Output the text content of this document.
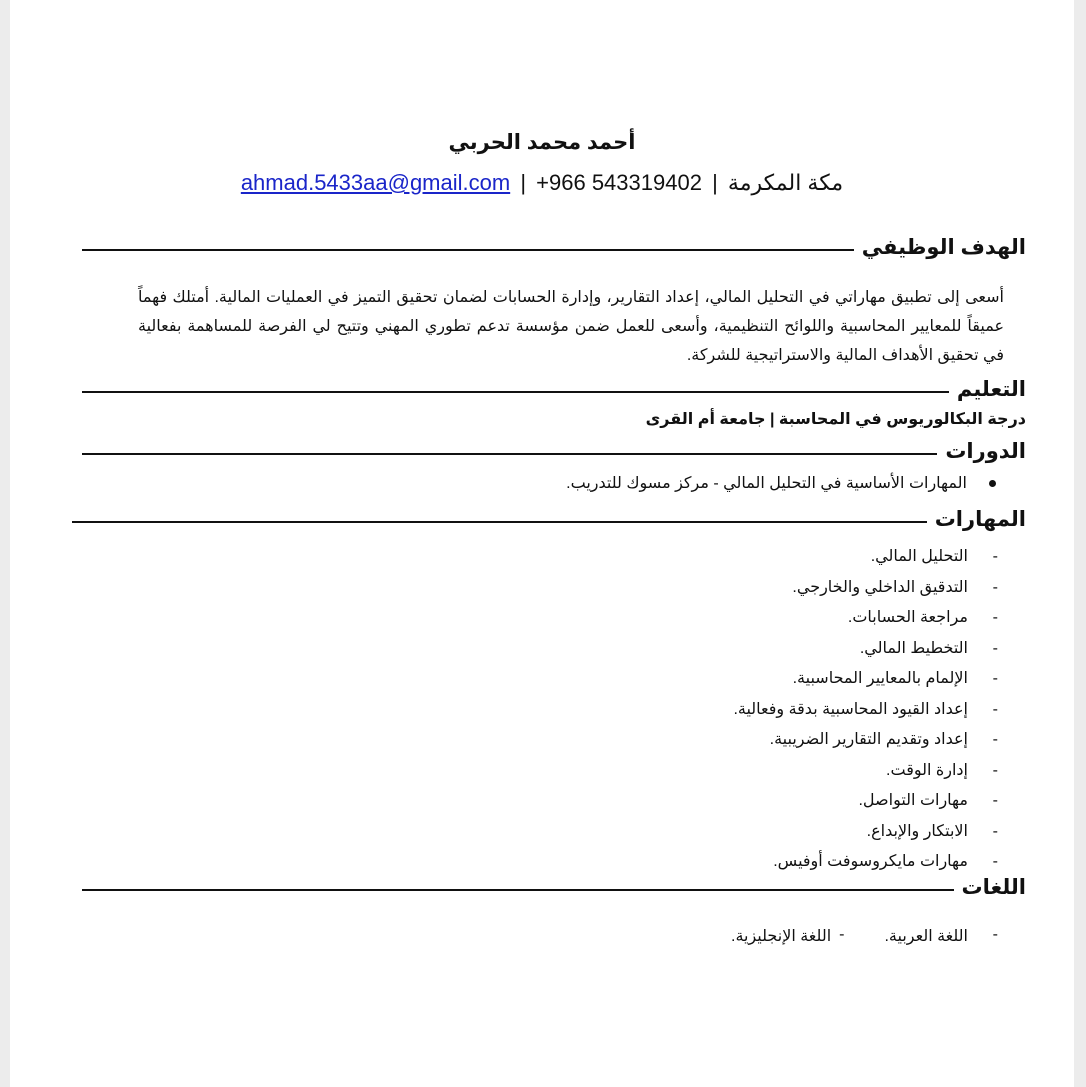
أحمد محمد الحربي
مكة المكرمة | +966 543319402 | ahmad.5433aa@gmail.com
الهدف الوظيفي
أسعى إلى تطبيق مهاراتي في التحليل المالي، إعداد التقارير، وإدارة الحسابات لضمان تحقيق التميز في العمليات المالية. أمتلك فهماً عميقاً للمعايير المحاسبية واللوائح التنظيمية، وأسعى للعمل ضمن مؤسسة تدعم تطوري المهني وتتيح لي الفرصة للمساهمة بفعالية في تحقيق الأهداف المالية والاستراتيجية للشركة.
التعليم
درجة البكالوريوس في المحاسبة | جامعة أم القرى
الدورات
المهارات الأساسية في التحليل المالي - مركز مسوك للتدريب.
المهارات
-
التحليل المالي.
-
التدقيق الداخلي والخارجي.
-
مراجعة الحسابات.
-
التخطيط المالي.
-
الإلمام بالمعايير المحاسبية.
-
إعداد القيود المحاسبية بدقة وفعالية.
-
إعداد وتقديم التقارير الضريبية.
-
إدارة الوقت.
-
مهارات التواصل.
-
الابتكار والإبداع.
-
مهارات مايكروسوفت أوفيس.
اللغات
-
اللغة العربية.
-
اللغة الإنجليزية.
